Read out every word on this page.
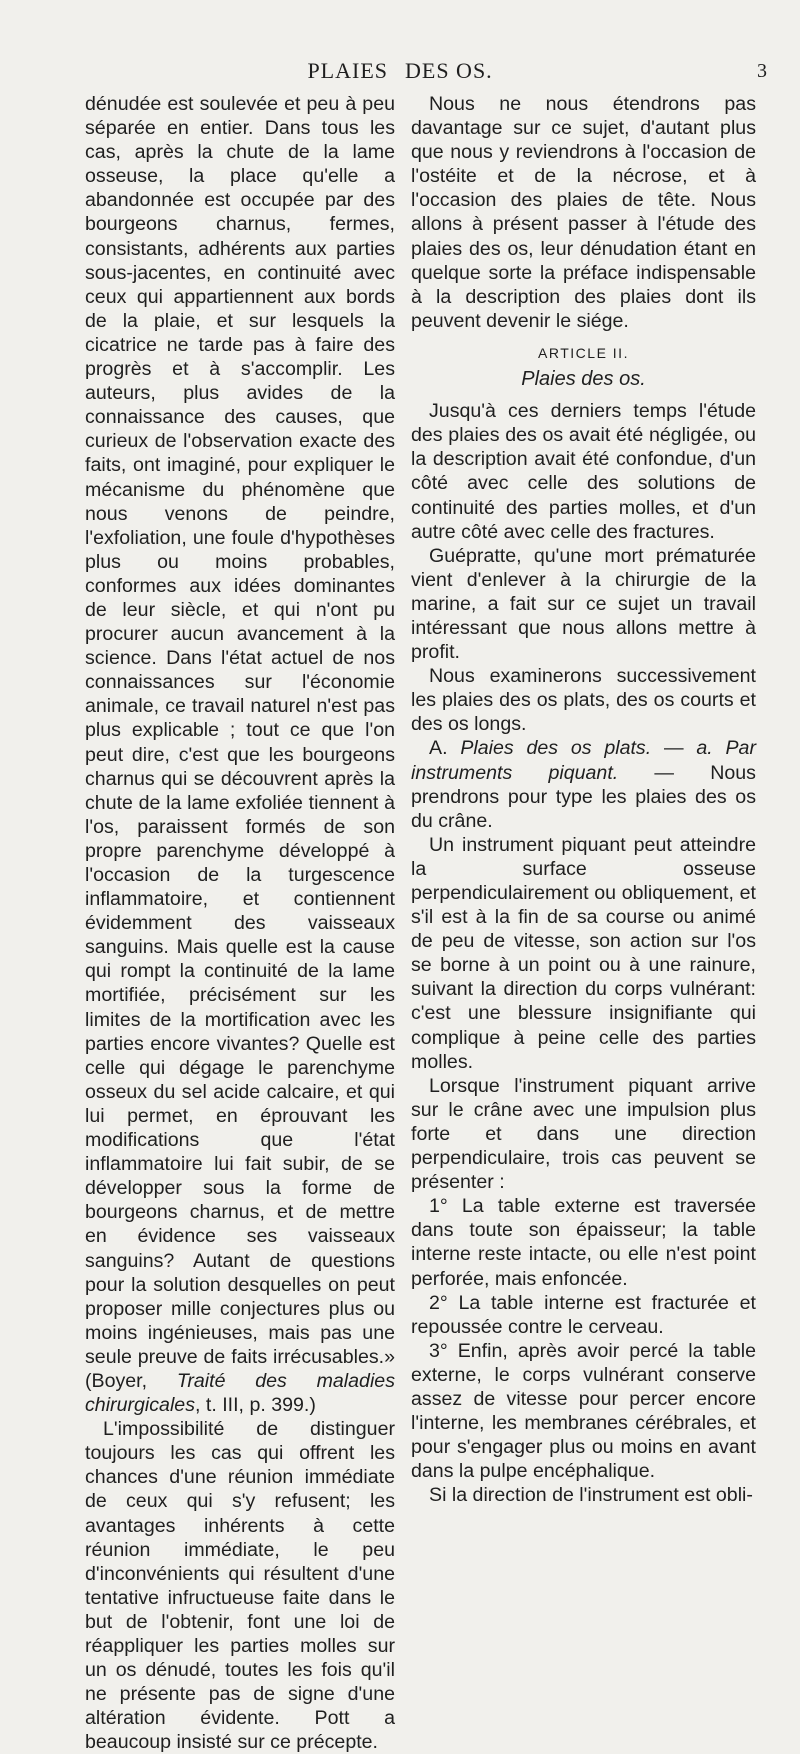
PLAIES DES OS.	3

dénudée est soulevée et peu à peu séparée en entier. Dans tous les cas, après la chute de la lame osseuse, la place qu'elle a abandonnée est occupée par des bourgeons charnus, fermes, consistants, adhérents aux parties sous-jacentes, en continuité avec ceux qui appartiennent aux bords de la plaie, et sur lesquels la cicatrice ne tarde pas à faire des progrès et à s'accomplir. Les auteurs, plus avides de la connaissance des causes, que curieux de l'observation exacte des faits, ont imaginé, pour expliquer le mécanisme du phénomène que nous venons de peindre, l'exfoliation, une foule d'hypothèses plus ou moins probables, conformes aux idées dominantes de leur siècle, et qui n'ont pu procurer aucun avancement à la science. Dans l'état actuel de nos connaissances sur l'économie animale, ce travail naturel n'est pas plus explicable ; tout ce que l'on peut dire, c'est que les bourgeons charnus qui se découvrent après la chute de la lame exfoliée tiennent à l'os, paraissent formés de son propre parenchyme développé à l'occasion de la turgescence inflammatoire, et contiennent évidemment des vaisseaux sanguins. Mais quelle est la cause qui rompt la continuité de la lame mortifiée, précisément sur les limites de la mortification avec les parties encore vivantes? Quelle est celle qui dégage le parenchyme osseux du sel acide calcaire, et qui lui permet, en éprouvant les modifications que l'état inflammatoire lui fait subir, de se développer sous la forme de bourgeons charnus, et de mettre en évidence ses vaisseaux sanguins? Autant de questions pour la solution desquelles on peut proposer mille conjectures plus ou moins ingénieuses, mais pas une seule preuve de faits irrécusables.» (Boyer, Traité des maladies chirurgicales, t. III, p. 399.)

L'impossibilité de distinguer toujours les cas qui offrent les chances d'une réunion immédiate de ceux qui s'y refusent; les avantages inhérents à cette réunion immédiate, le peu d'inconvénients qui résultent d'une tentative infructueuse faite dans le but de l'obtenir, font une loi de réappliquer les parties molles sur un os dénudé, toutes les fois qu'il ne présente pas de signe d'une altération évidente. Pott a beaucoup insisté sur ce précepte.

Nous ne nous étendrons pas davantage sur ce sujet, d'autant plus que nous y reviendrons à l'occasion de l'ostéite et de la nécrose, et à l'occasion des plaies de tête. Nous allons à présent passer à l'étude des plaies des os, leur dénudation étant en quelque sorte la préface indispensable à la description des plaies dont ils peuvent devenir le siége.

ARTICLE II.
Plaies des os.

Jusqu'à ces derniers temps l'étude des plaies des os avait été négligée, ou la description avait été confondue, d'un côté avec celle des solutions de continuité des parties molles, et d'un autre côté avec celle des fractures.

Guépratte, qu'une mort prématurée vient d'enlever à la chirurgie de la marine, a fait sur ce sujet un travail intéressant que nous allons mettre à profit.

Nous examinerons successivement les plaies des os plats, des os courts et des os longs.

A. Plaies des os plats. — a. Par instruments piquant. — Nous prendrons pour type les plaies des os du crâne.

Un instrument piquant peut atteindre la surface osseuse perpendiculairement ou obliquement, et s'il est à la fin de sa course ou animé de peu de vitesse, son action sur l'os se borne à un point ou à une rainure, suivant la direction du corps vulnérant: c'est une blessure insignifiante qui complique à peine celle des parties molles.

Lorsque l'instrument piquant arrive sur le crâne avec une impulsion plus forte et dans une direction perpendiculaire, trois cas peuvent se présenter :

1° La table externe est traversée dans toute son épaisseur; la table interne reste intacte, ou elle n'est point perforée, mais enfoncée.

2° La table interne est fracturée et repoussée contre le cerveau.

3° Enfin, après avoir percé la table externe, le corps vulnérant conserve assez de vitesse pour percer encore l'interne, les membranes cérébrales, et pour s'engager plus ou moins en avant dans la pulpe encéphalique.

Si la direction de l'instrument est obli-
